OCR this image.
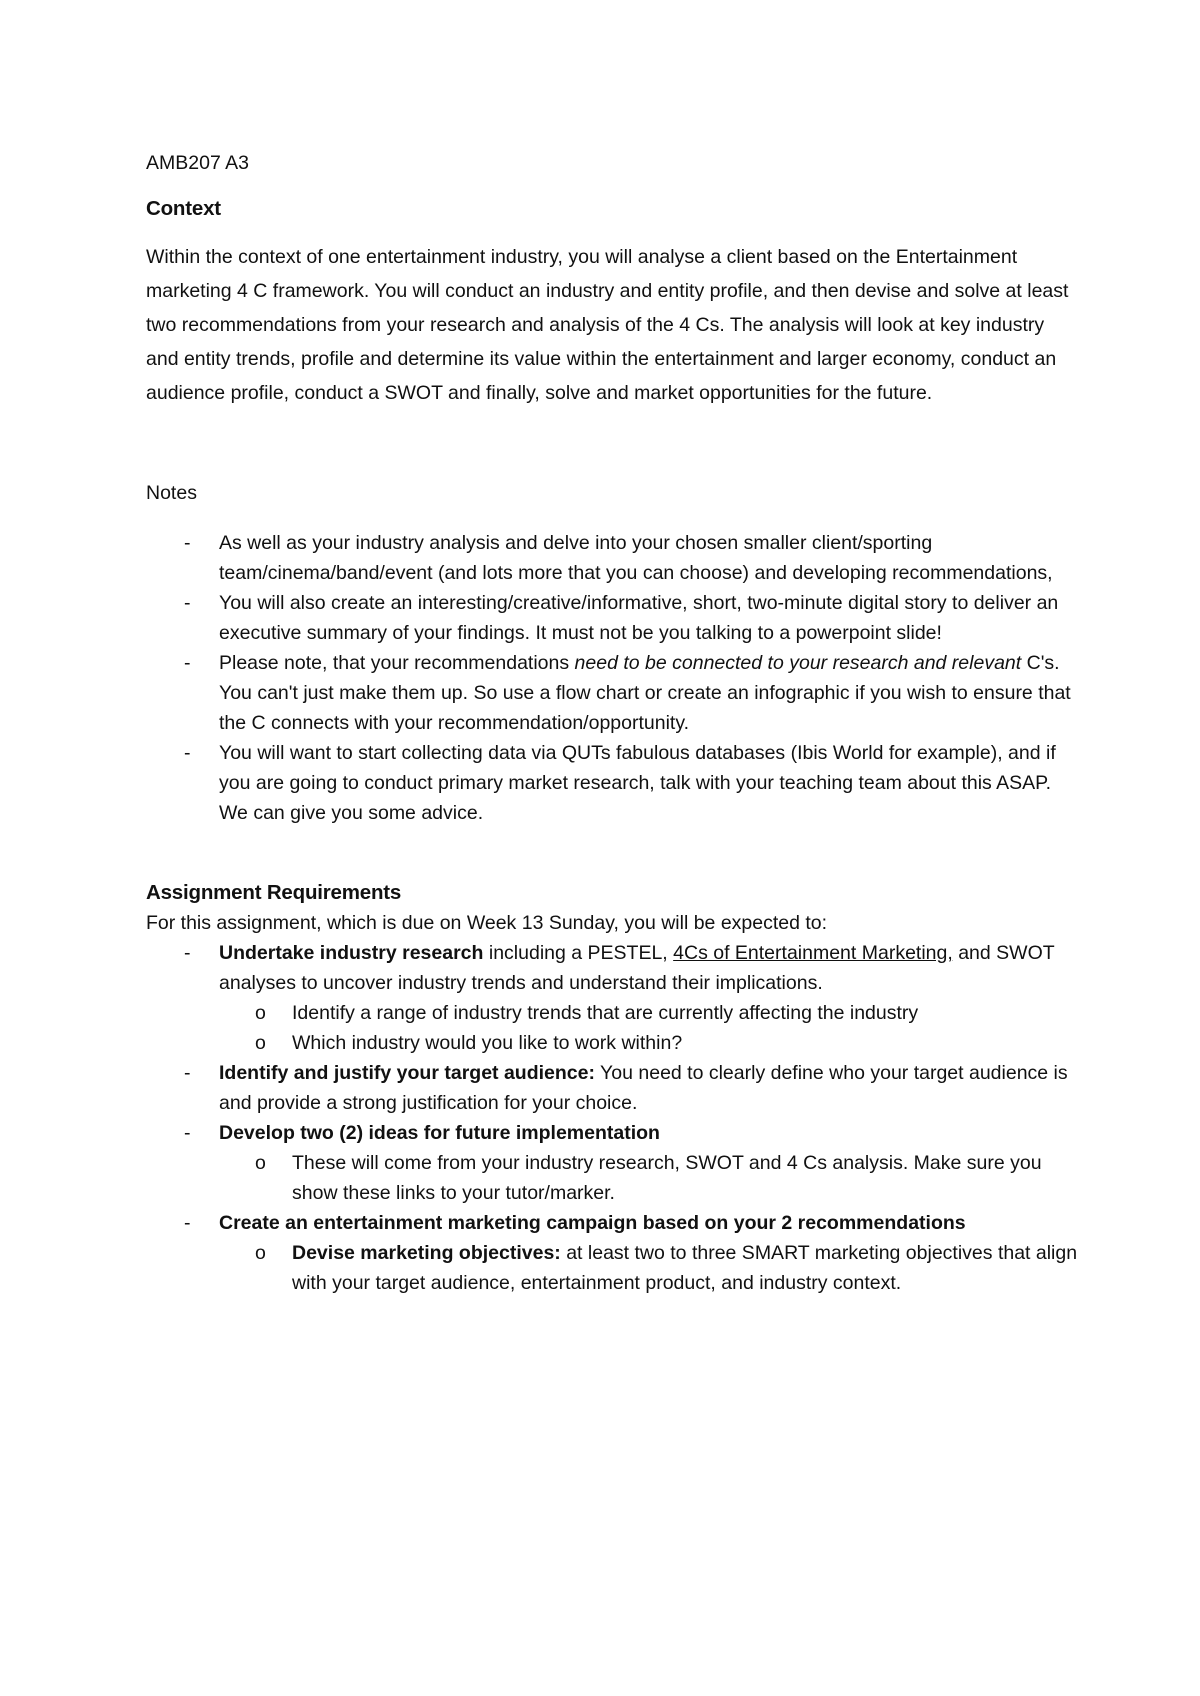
AMB207 A3

Context

Within the context of one entertainment industry, you will analyse a client based on the Entertainment marketing 4 C framework. You will conduct an industry and entity profile, and then devise and solve at least two recommendations from your research and analysis of the 4 Cs. The analysis will look at key industry and entity trends, profile and determine its value within the entertainment and larger economy, conduct an audience profile, conduct a SWOT and finally, solve and market opportunities for the future.

Notes

- As well as your industry analysis and delve into your chosen smaller client/sporting team/cinema/band/event (and lots more that you can choose) and developing recommendations,
- You will also create an interesting/creative/informative, short, two-minute digital story to deliver an executive summary of your findings. It must not be you talking to a powerpoint slide!
- Please note, that your recommendations need to be connected to your research and relevant C's. You can't just make them up. So use a flow chart or create an infographic if you wish to ensure that the C connects with your recommendation/opportunity.
- You will want to start collecting data via QUTs fabulous databases (Ibis World for example), and if you are going to conduct primary market research, talk with your teaching team about this ASAP. We can give you some advice.

Assignment Requirements

For this assignment, which is due on Week 13 Sunday, you will be expected to:

- Undertake industry research including a PESTEL, 4Cs of Entertainment Marketing, and SWOT analyses to uncover industry trends and understand their implications.
o Identify a range of industry trends that are currently affecting the industry
o Which industry would you like to work within?
- Identify and justify your target audience: You need to clearly define who your target audience is and provide a strong justification for your choice.
- Develop two (2) ideas for future implementation
o These will come from your industry research, SWOT and 4 Cs analysis. Make sure you show these links to your tutor/marker.
- Create an entertainment marketing campaign based on your 2 recommendations
o Devise marketing objectives: at least two to three SMART marketing objectives that align with your target audience, entertainment product, and industry context.
